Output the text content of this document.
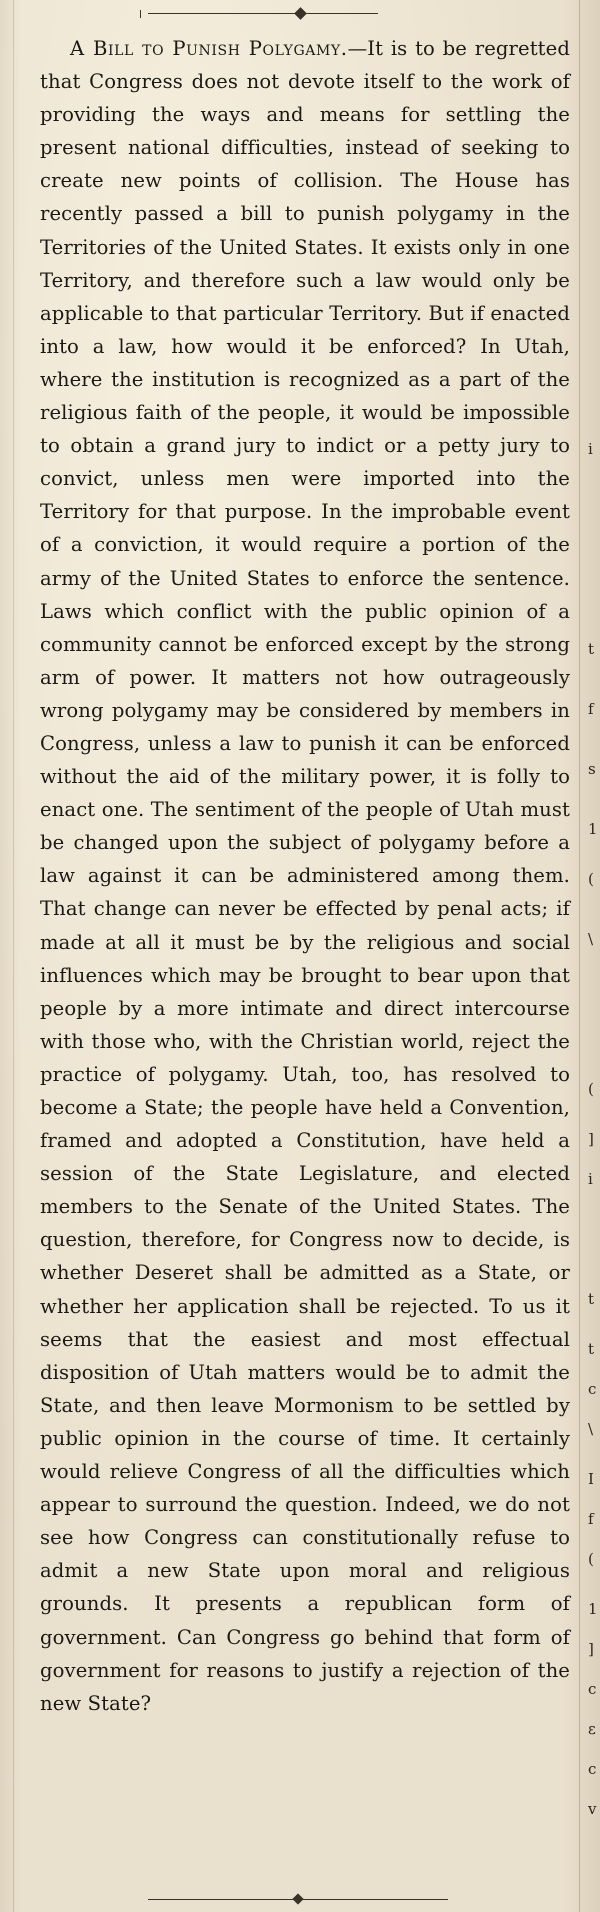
A Bill to Punish Polygamy.—It is to be regretted that Congress does not devote itself to the work of providing the ways and means for settling the present national difficulties, instead of seeking to create new points of collision. The House has recently passed a bill to punish polygamy in the Territories of the United States. It exists only in one Territory, and therefore such a law would only be applicable to that particular Territory. But if enacted into a law, how would it be enforced? In Utah, where the institution is recognized as a part of the religious faith of the people, it would be impossible to obtain a grand jury to indict or a petty jury to convict, unless men were imported into the Territory for that purpose. In the improbable event of a conviction, it would require a portion of the army of the United States to enforce the sentence. Laws which conflict with the public opinion of a community cannot be enforced except by the strong arm of power. It matters not how outrageously wrong polygamy may be considered by members in Congress, unless a law to punish it can be enforced without the aid of the military power, it is folly to enact one. The sentiment of the people of Utah must be changed upon the subject of polygamy before a law against it can be administered among them. That change can never be effected by penal acts; if made at all it must be by the religious and social influences which may be brought to bear upon that people by a more intimate and direct intercourse with those who, with the Christian world, reject the practice of polygamy. Utah, too, has resolved to become a State; the people have held a Convention, framed and adopted a Constitution, have held a session of the State Legislature, and elected members to the Senate of the United States. The question, therefore, for Congress now to decide, is whether Deseret shall be admitted as a State, or whether her application shall be rejected. To us it seems that the easiest and most effectual disposition of Utah matters would be to admit the State, and then leave Mormonism to be settled by public opinion in the course of time. It certainly would relieve Congress of all the difficulties which appear to surround the question. Indeed, we do not see how Congress can constitutionally refuse to admit a new State upon moral and religious grounds. It presents a republican form of government. Can Congress go behind that form of government for reasons to justify a rejection of the new State?

i
t
f
s
1
(
\
(
]
i
t
t
c
\
I
f
(
1
]
c
ε
c
v
